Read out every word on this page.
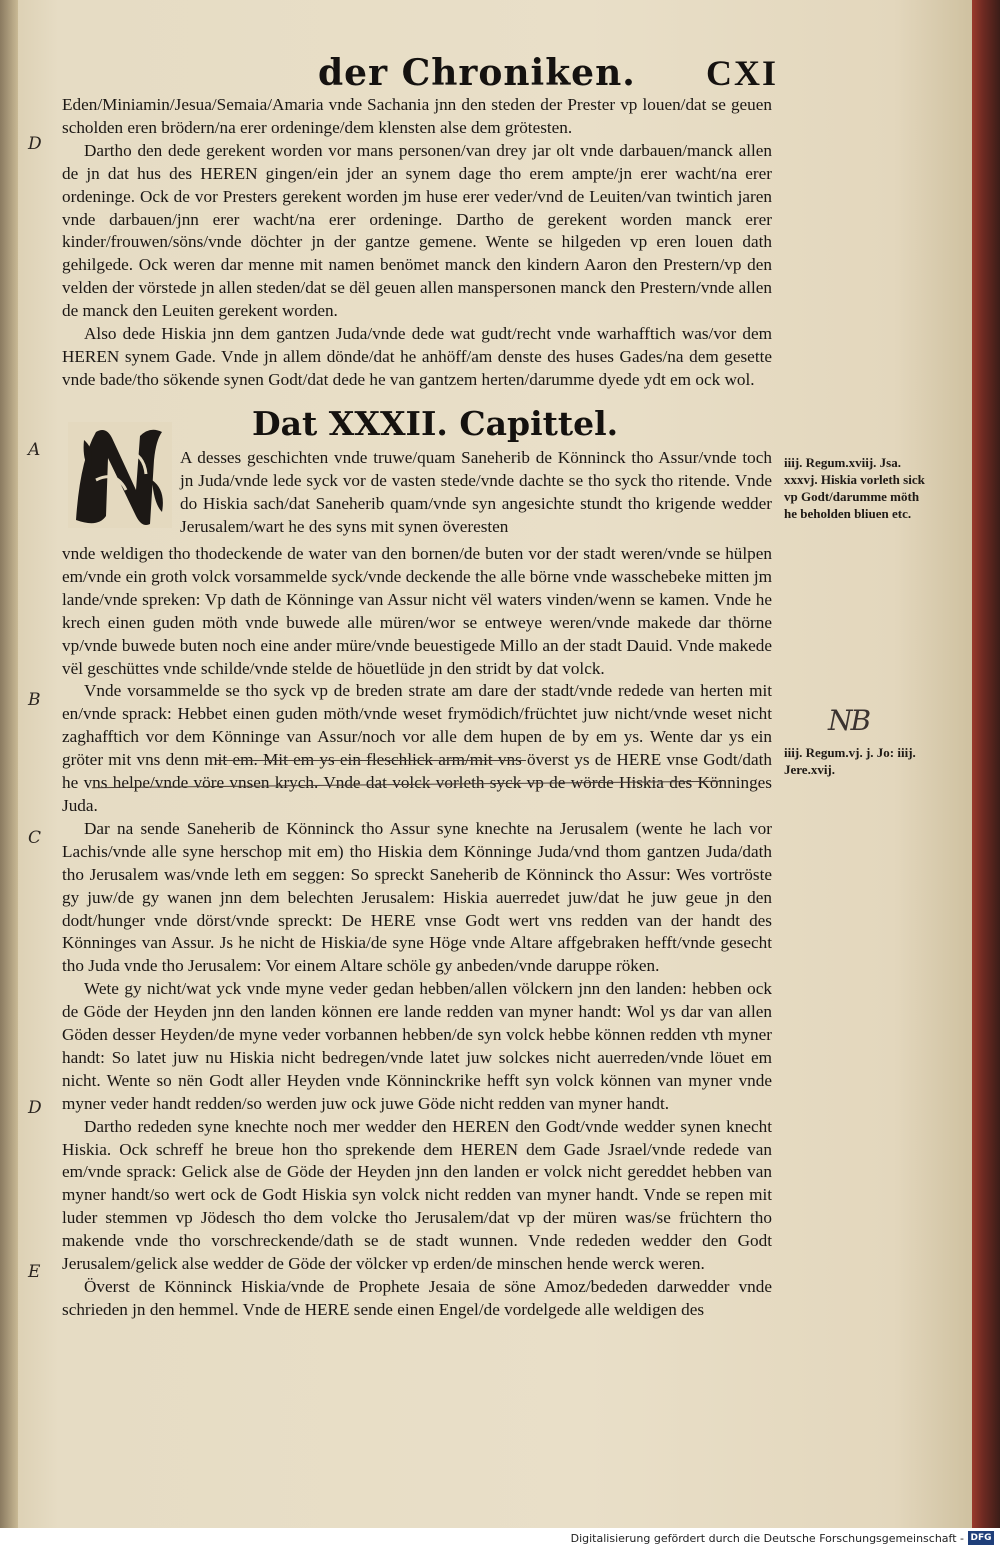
der Chroniken. CXI
D
A
B
C
D
E

Eden/Miniamin/Jesua/Semaia/Amaria vnde Sachania jnn den steden der Prester vp louen/dat se geuen scholden eren brödern/na erer ordeninge/dem klensten alse dem grötesten.

Dartho den dede gerekent worden vor mans personen/van drey jar olt vnde darbauen/manck allen de jn dat hus des HEREN gingen/ein jder an synem dage tho erem ampte/jn erer wacht/na erer ordeninge. Ock de vor Presters gerekent worden jm huse erer veder/vnd de Leuiten/van twintich jaren vnde darbauen/jnn erer wacht/na erer ordeninge. Dartho de gerekent worden manck erer kinder/frouwen/söns/vnde döchter jn der gantze gemene. Wente se hilgeden vp eren louen dath gehilgede. Ock weren dar menne mit namen benömet manck den kindern Aaron den Prestern/vp den velden der vörstede jn allen steden/dat se dël geuen allen manspersonen manck den Prestern/vnde allen de manck den Leuiten gerekent worden.

Also dede Hiskia jnn dem gantzen Juda/vnde dede wat gudt/recht vnde warhafftich was/vor dem HEREN synem Gade. Vnde jn allem dönde/dat he anhöff/am denste des huses Gades/na dem gesette vnde bade/tho sökende synen Godt/dat dede he van gantzem herten/darumme dyede ydt em ock wol.

Dat XXXII. Capittel.

A desses geschichten vnde truwe/quam Saneherib de Könninck tho Assur/vnde toch jn Juda/vnde lede syck vor de vasten stede/vnde dachte se tho syck tho ritende. Vnde do Hiskia sach/dat Saneherib quam/vnde syn angesichte stundt tho krigende wedder Jerusalem/wart he des syns mit synen överesten

vnde weldigen tho thodeckende de water van den bornen/de buten vor der stadt weren/vnde se hülpen em/vnde ein groth volck vorsammelde syck/vnde deckende the alle börne vnde wasschebeke mitten jm lande/vnde spreken: Vp dath de Könninge van Assur nicht vël waters vinden/wenn se kamen. Vnde he krech einen guden möth vnde buwede alle müren/wor se entweye weren/vnde makede dar thörne vp/vnde buwede buten noch eine ander müre/vnde beuestigede Millo an der stadt Dauid. Vnde makede vël geschüttes vnde schilde/vnde stelde de höuetlüde jn den stridt by dat volck.

Vnde vorsammelde se tho syck vp de breden strate am dare der stadt/vnde redede van herten mit en/vnde sprack: Hebbet einen guden möth/vnde weset frymödich/früchtet juw nicht/vnde weset nicht zaghafftich vor dem Könninge van Assur/noch vor alle dem hupen de by em ys. Wente dar ys ein gröter mit vns denn mit em. Mit em ys ein fleschlick arm/mit vns överst ys de HERE vnse Godt/dath he vns helpe/vnde vöre vnsen krych. Vnde dat volck vorleth syck vp de wörde Hiskia des Könninges Juda.

Dar na sende Saneherib de Könninck tho Assur syne knechte na Jerusalem (wente he lach vor Lachis/vnde alle syne herschop mit em) tho Hiskia dem Könninge Juda/vnd thom gantzen Juda/dath tho Jerusalem was/vnde leth em seggen: So spreckt Saneherib de Könninck tho Assur: Wes vortröste gy juw/de gy wanen jnn dem belechten Jerusalem: Hiskia auerredet juw/dat he juw geue jn den dodt/hunger vnde dörst/vnde spreckt: De HERE vnse Godt wert vns redden van der handt des Könninges van Assur. Js he nicht de Hiskia/de syne Höge vnde Altare affgebraken hefft/vnde gesecht tho Juda vnde tho Jerusalem: Vor einem Altare schöle gy anbeden/vnde daruppe röken.

Wete gy nicht/wat yck vnde myne veder gedan hebben/allen völckern jnn den landen: hebben ock de Göde der Heyden jnn den landen können ere lande redden van myner handt: Wol ys dar van allen Göden desser Heyden/de myne veder vorbannen hebben/de syn volck hebbe können redden vth myner handt: So latet juw nu Hiskia nicht bedregen/vnde latet juw solckes nicht auerreden/vnde löuet em nicht. Wente so nën Godt aller Heyden vnde Könninckrike hefft syn volck können van myner vnde myner veder handt redden/so werden juw ock juwe Göde nicht redden van myner handt.

Dartho rededen syne knechte noch mer wedder den HEREN den Godt/vnde wedder synen knecht Hiskia. Ock schreff he breue hon tho sprekende dem HEREN dem Gade Jsrael/vnde redede van em/vnde sprack: Gelick alse de Göde der Heyden jnn den landen er volck nicht gereddet hebben van myner handt/so wert ock de Godt Hiskia syn volck nicht redden van myner handt. Vnde se repen mit luder stemmen vp Jödesch tho dem volcke tho Jerusalem/dat vp der müren was/se früchtern tho makende vnde tho vorschreckende/dath se de stadt wunnen. Vnde rededen wedder den Godt Jerusalem/gelick alse wedder de Göde der völcker vp erden/de minschen hende werck weren.

Överst de Könninck Hiskia/vnde de Prophete Jesaia de söne Amoz/bededen darwedder vnde schrieden jn den hemmel. Vnde de HERE sende einen Engel/de vordelgede alle weldigen des

iiij. Regum.xviij. Jsa. xxxvj. Hiskia vorleth sick vp Godt/darumme möth he beholden bliuen etc.
NB
iiij. Regum.vj. j. Jo: iiij. Jere.xvij.
Digitalisierung gefördert durch die Deutsche Forschungsgemeinschaft - DFG
